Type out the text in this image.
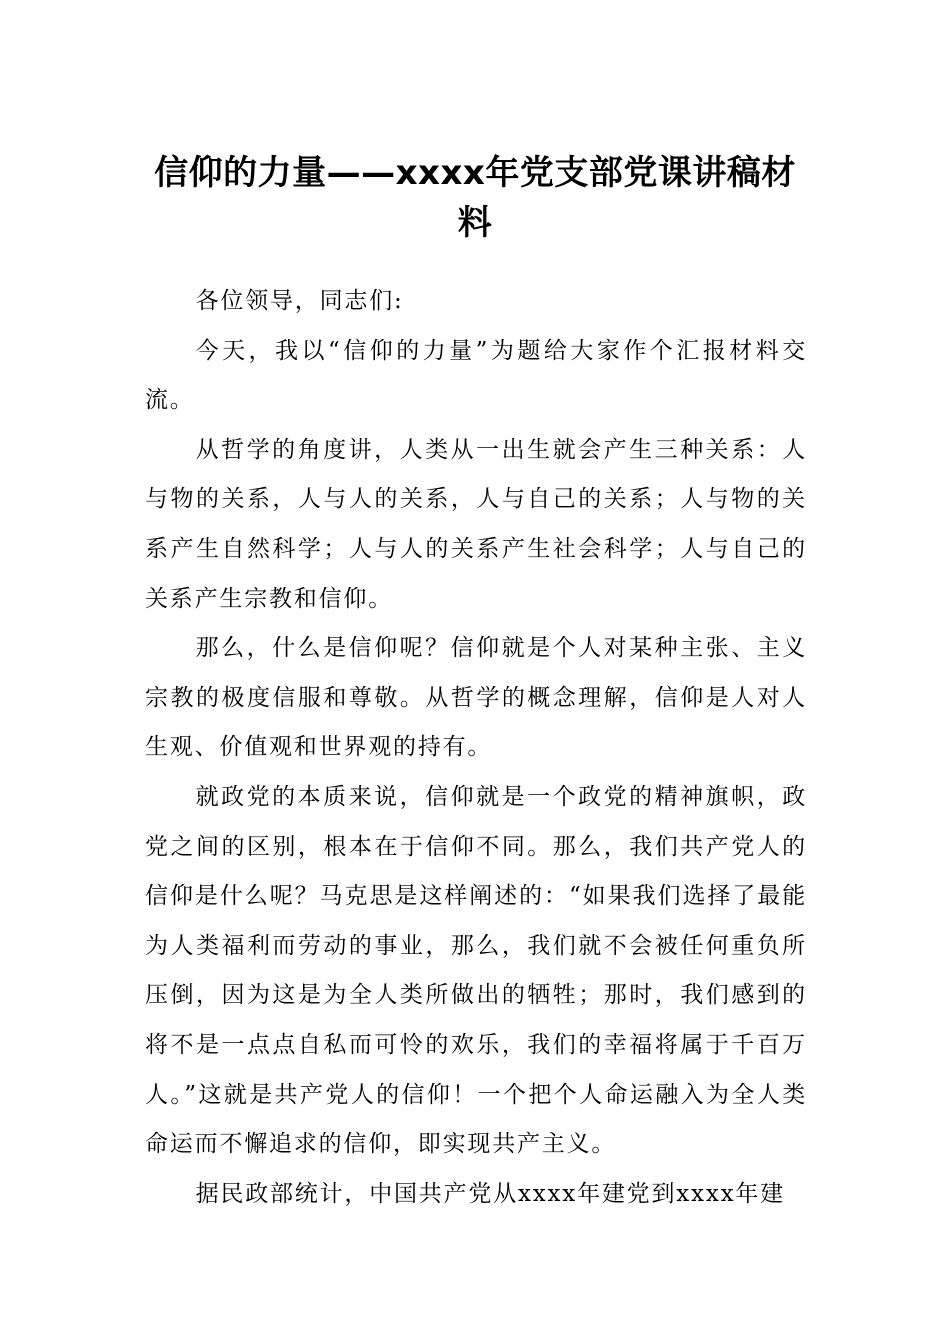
信仰的力量——xxxx年党支部党课讲稿材料

各位领导，同志们:

今天，我以“信仰的力量”为题给大家作个汇报材料交流。

从哲学的角度讲，人类从一出生就会产生三种关系：人与物的关系，人与人的关系，人与自己的关系；人与物的关系产生自然科学；人与人的关系产生社会科学；人与自己的关系产生宗教和信仰。

那么，什么是信仰呢？信仰就是个人对某种主张、主义宗教的极度信服和尊敬。从哲学的概念理解，信仰是人对人生观、价值观和世界观的持有。

就政党的本质来说，信仰就是一个政党的精神旗帜，政党之间的区别，根本在于信仰不同。那么，我们共产党人的信仰是什么呢？马克思是这样阐述的：“如果我们选择了最能为人类福利而劳动的事业，那么，我们就不会被任何重负所压倒，因为这是为全人类所做出的牺牲；那时，我们感到的将不是一点点自私而可怜的欢乐，我们的幸福将属于千百万人。”这就是共产党人的信仰！一个把个人命运融入为全人类命运而不懈追求的信仰，即实现共产主义。

据民政部统计，中国共产党从xxxx年建党到xxxx年建
